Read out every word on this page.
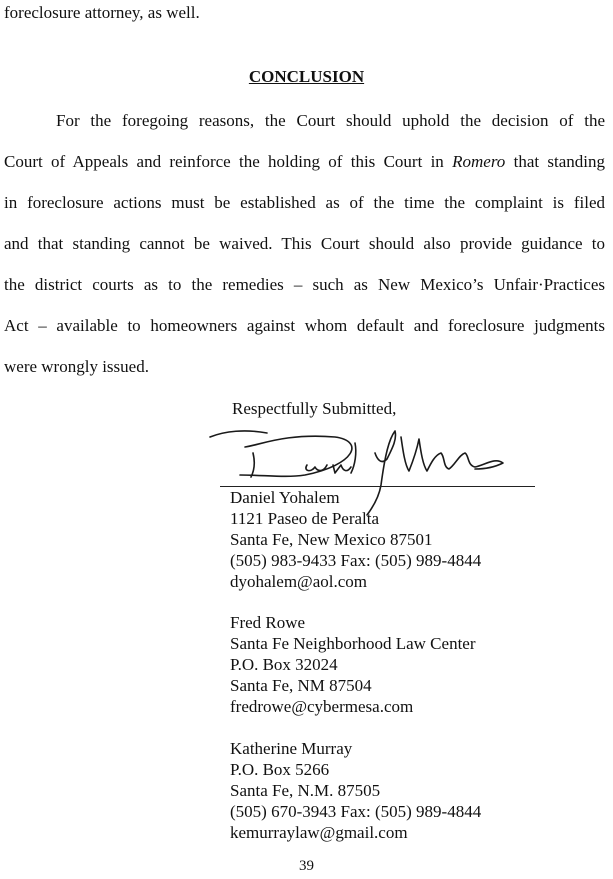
foreclosure attorney, as well.
CONCLUSION
For the foregoing reasons, the Court should uphold the decision of the
Court of Appeals and reinforce the holding of this Court in Romero that standing
in foreclosure actions must be established as of the time the complaint is filed
and that standing cannot be waived. This Court should also provide guidance to
the district courts as to the remedies – such as New Mexico’s Unfair·Practices
Act – available to homeowners against whom default and foreclosure judgments
were wrongly issued.
Respectfully Submitted,
Daniel Yohalem
1121 Paseo de Peralta
Santa Fe, New Mexico 87501
(505) 983-9433 Fax: (505) 989-4844
dyohalem@aol.com
Fred Rowe
Santa Fe Neighborhood Law Center
P.O. Box 32024
Santa Fe, NM 87504
fredrowe@cybermesa.com
Katherine Murray
P.O. Box 5266
Santa Fe, N.M. 87505
(505) 670-3943 Fax: (505) 989-4844
kemurraylaw@gmail.com
39
